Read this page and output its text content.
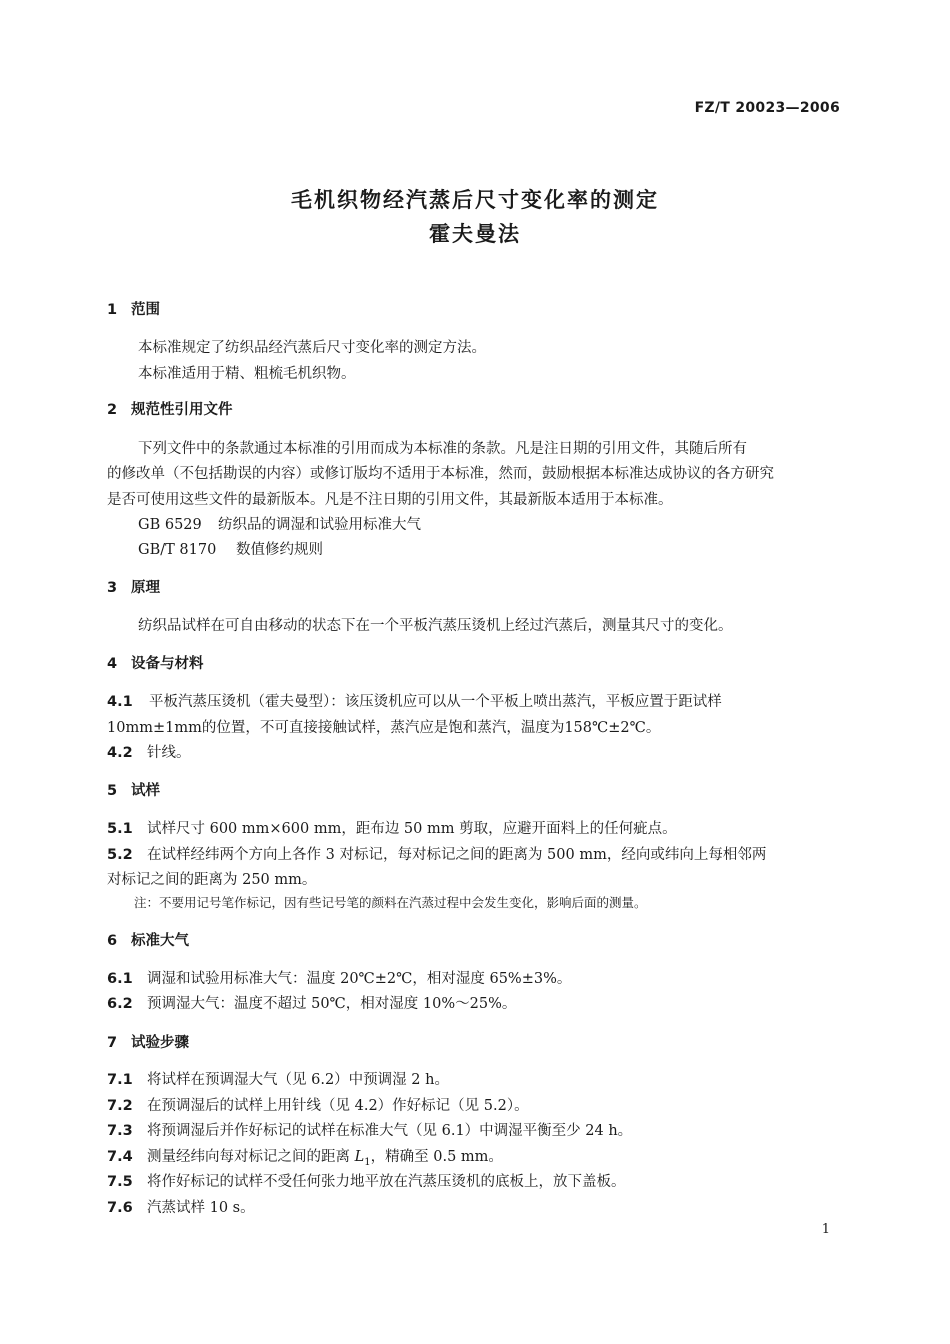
FZ/T 20023—2006
毛机织物经汽蒸后尺寸变化率的测定
霍夫曼法
1 范围
本标准规定了纺织品经汽蒸后尺寸变化率的测定方法。
本标准适用于精、粗梳毛机织物。
2 规范性引用文件
下列文件中的条款通过本标准的引用而成为本标准的条款。凡是注日期的引用文件，其随后所有
的修改单（不包括勘误的内容）或修订版均不适用于本标准，然而，鼓励根据本标准达成协议的各方研究
是否可使用这些文件的最新版本。凡是不注日期的引用文件，其最新版本适用于本标准。
GB 6529 纺织品的调湿和试验用标准大气
GB/T 8170 数值修约规则
3 原理
纺织品试样在可自由移动的状态下在一个平板汽蒸压烫机上经过汽蒸后，测量其尺寸的变化。
4 设备与材料
4.1 平板汽蒸压烫机（霍夫曼型）：该压烫机应可以从一个平板上喷出蒸汽，平板应置于距试样
10mm±1mm的位置，不可直接接触试样，蒸汽应是饱和蒸汽，温度为158℃±2℃。
4.2 针线。
5 试样
5.1 试样尺寸 600 mm×600 mm，距布边 50 mm 剪取，应避开面料上的任何疵点。
5.2 在试样经纬两个方向上各作 3 对标记，每对标记之间的距离为 500 mm，经向或纬向上每相邻两
对标记之间的距离为 250 mm。
注：不要用记号笔作标记，因有些记号笔的颜料在汽蒸过程中会发生变化，影响后面的测量。
6 标准大气
6.1 调湿和试验用标准大气：温度 20℃±2℃，相对湿度 65%±3%。
6.2 预调湿大气：温度不超过 50℃，相对湿度 10%～25%。
7 试验步骤
7.1 将试样在预调湿大气（见 6.2）中预调湿 2 h。
7.2 在预调湿后的试样上用针线（见 4.2）作好标记（见 5.2）。
7.3 将预调湿后并作好标记的试样在标准大气（见 6.1）中调湿平衡至少 24 h。
7.4 测量经纬向每对标记之间的距离 $L_1$，精确至 0.5 mm。
7.5 将作好标记的试样不受任何张力地平放在汽蒸压烫机的底板上，放下盖板。
7.6 汽蒸试样 10 s。
1
